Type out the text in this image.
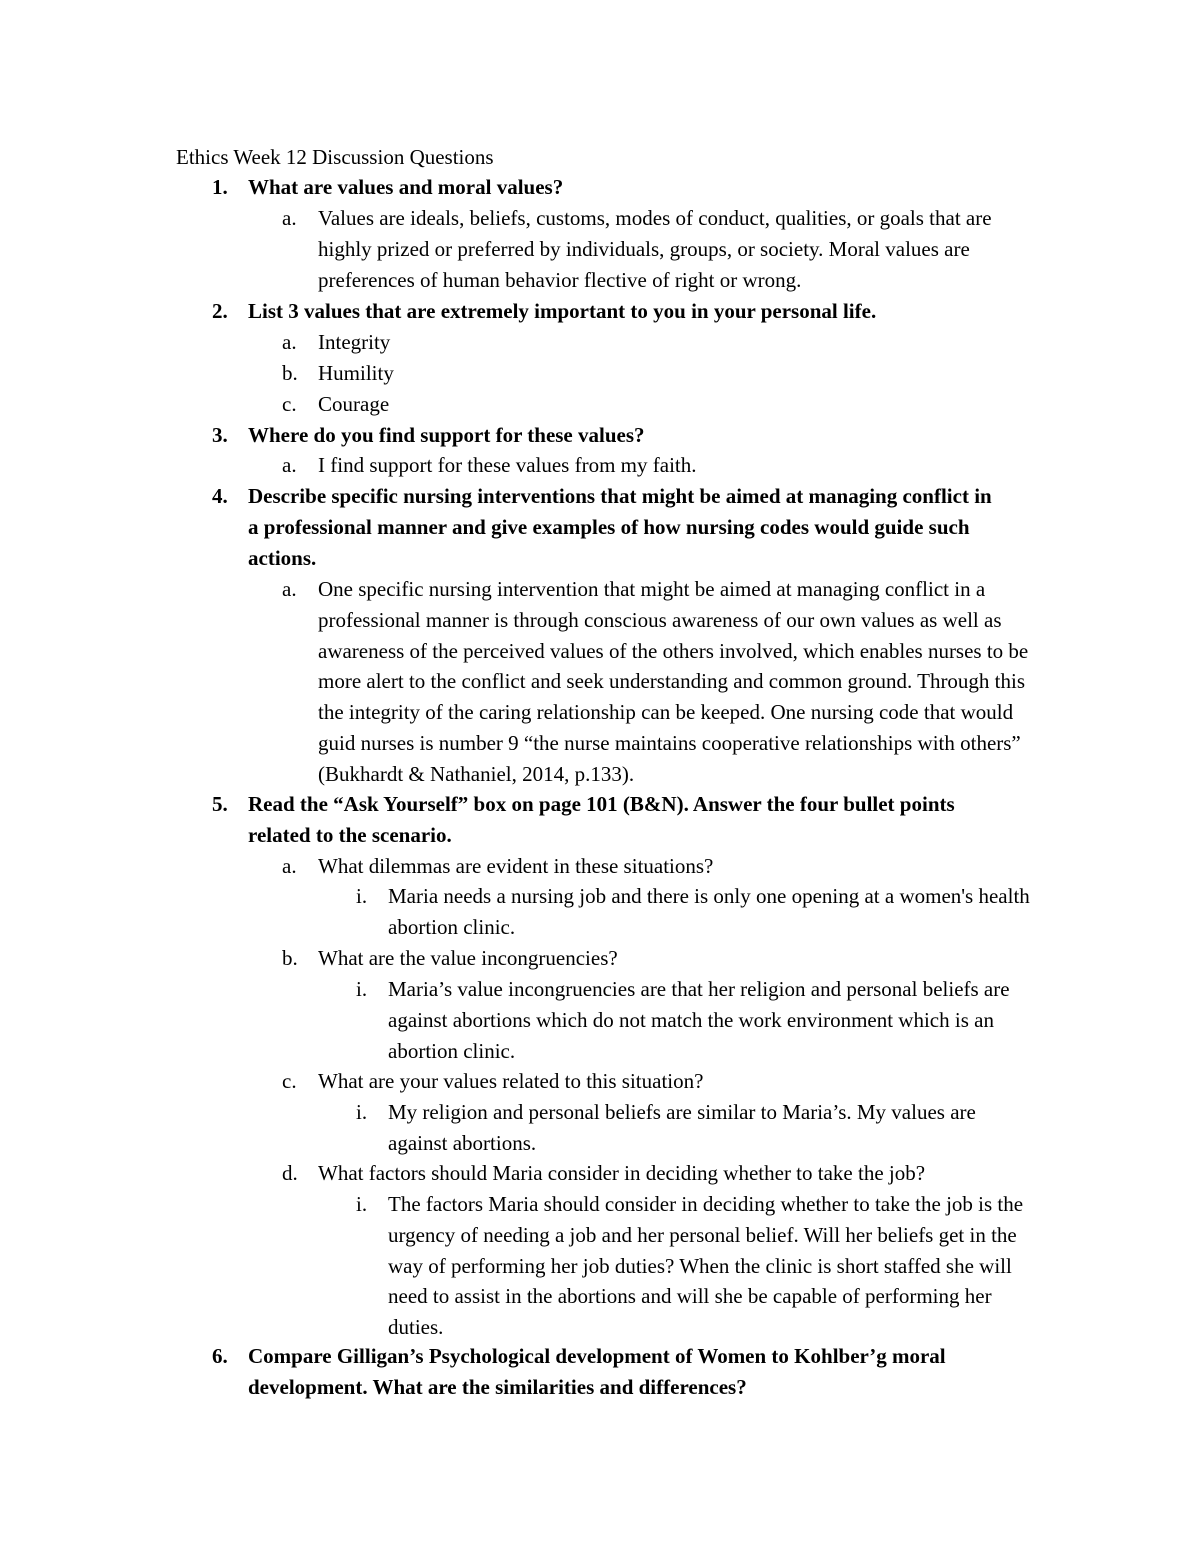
Ethics Week 12 Discussion Questions
1. What are values and moral values?
a. Values are ideals, beliefs, customs, modes of conduct, qualities, or goals that are highly prized or preferred by individuals, groups, or society. Moral values are preferences of human behavior flective of right or wrong.
2. List 3 values that are extremely important to you in your personal life.
a. Integrity
b. Humility
c. Courage
3. Where do you find support for these values?
a. I find support for these values from my faith.
4. Describe specific nursing interventions that might be aimed at managing conflict in a professional manner and give examples of how nursing codes would guide such actions.
a. One specific nursing intervention that might be aimed at managing conflict in a professional manner is through conscious awareness of our own values as well as awareness of the perceived values of the others involved, which enables nurses to be more alert to the conflict and seek understanding and common ground. Through this the integrity of the caring relationship can be keeped. One nursing code that would guid nurses is number 9 “the nurse maintains cooperative relationships with others” (Bukhardt & Nathaniel, 2014, p.133).
5. Read the “Ask Yourself” box on page 101 (B&N). Answer the four bullet points related to the scenario.
a. What dilemmas are evident in these situations?
i. Maria needs a nursing job and there is only one opening at a women's health abortion clinic.
b. What are the value incongruencies?
i. Maria’s value incongruencies are that her religion and personal beliefs are against abortions which do not match the work environment which is an abortion clinic.
c. What are your values related to this situation?
i. My religion and personal beliefs are similar to Maria’s. My values are against abortions.
d. What factors should Maria consider in deciding whether to take the job?
i. The factors Maria should consider in deciding whether to take the job is the urgency of needing a job and her personal belief. Will her beliefs get in the way of performing her job duties? When the clinic is short staffed she will need to assist in the abortions and will she be capable of performing her duties.
6. Compare Gilligan’s Psychological development of Women to Kohlber’g moral development. What are the similarities and differences?
